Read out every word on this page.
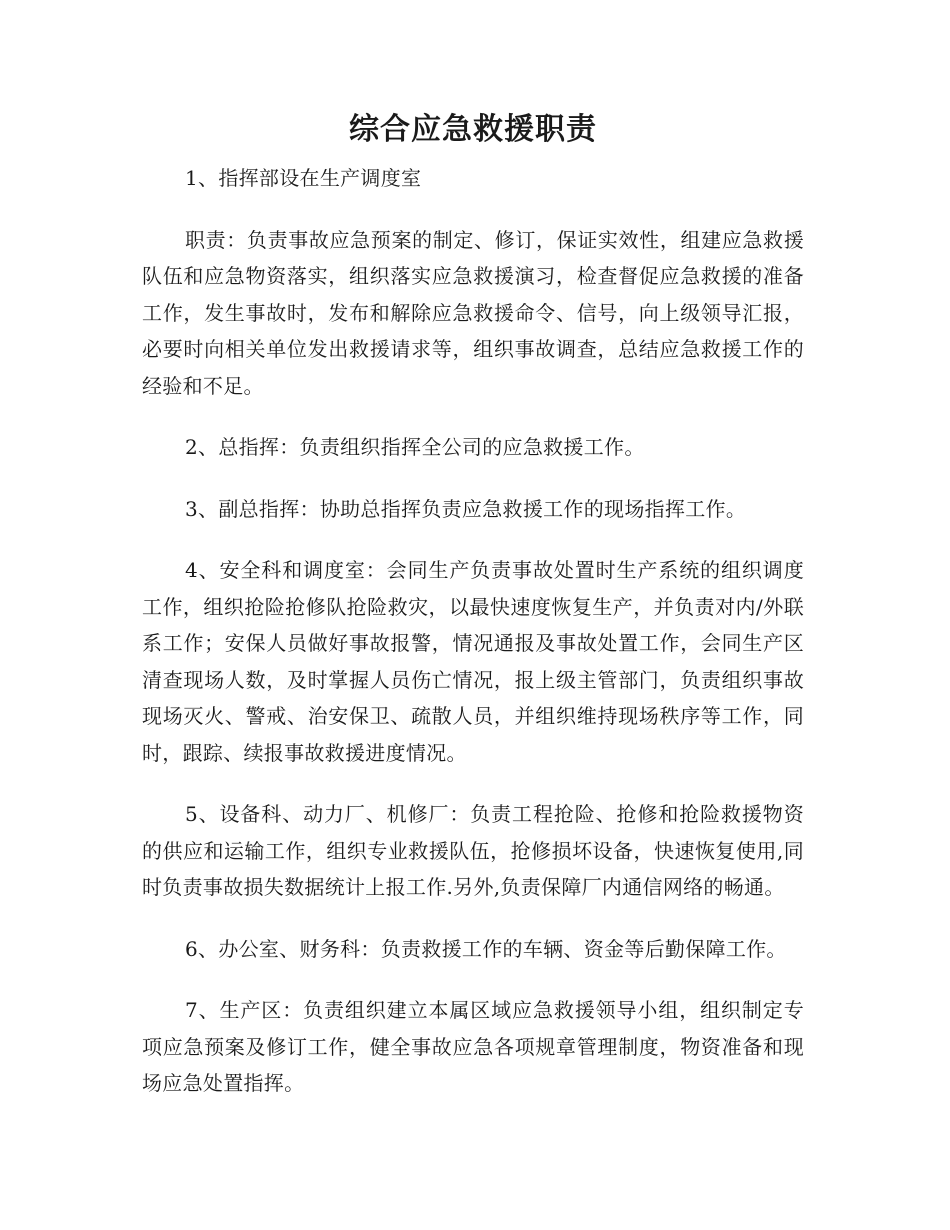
综合应急救援职责

1、指挥部设在生产调度室

职责：负责事故应急预案的制定、修订，保证实效性，组建应急救援队伍和应急物资落实，组织落实应急救援演习，检查督促应急救援的准备工作，发生事故时，发布和解除应急救援命令、信号，向上级领导汇报，必要时向相关单位发出救援请求等，组织事故调查，总结应急救援工作的经验和不足。

2、总指挥：负责组织指挥全公司的应急救援工作。

3、副总指挥：协助总指挥负责应急救援工作的现场指挥工作。

4、安全科和调度室：会同生产负责事故处置时生产系统的组织调度工作，组织抢险抢修队抢险救灾，以最快速度恢复生产，并负责对内/外联系工作；安保人员做好事故报警，情况通报及事故处置工作，会同生产区清查现场人数，及时掌握人员伤亡情况，报上级主管部门，负责组织事故现场灭火、警戒、治安保卫、疏散人员，并组织维持现场秩序等工作，同时，跟踪、续报事故救援进度情况。

5、设备科、动力厂、机修厂：负责工程抢险、抢修和抢险救援物资的供应和运输工作，组织专业救援队伍，抢修损坏设备，快速恢复使用,同时负责事故损失数据统计上报工作.另外,负责保障厂内通信网络的畅通。

6、办公室、财务科：负责救援工作的车辆、资金等后勤保障工作。

7、生产区：负责组织建立本属区域应急救援领导小组，组织制定专项应急预案及修订工作，健全事故应急各项规章管理制度，物资准备和现场应急处置指挥。
